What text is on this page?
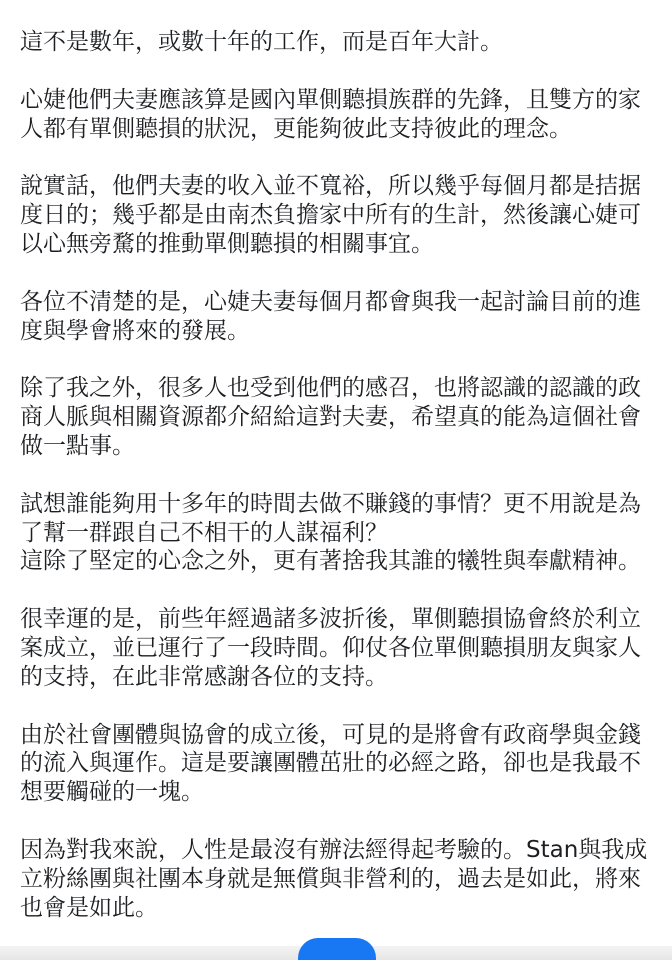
這不是數年，或數十年的工作，而是百年大計。
心婕他們夫妻應該算是國內單側聽損族群的先鋒，且雙方的家
人都有單側聽損的狀況，更能夠彼此支持彼此的理念。
說實話，他們夫妻的收入並不寬裕，所以幾乎每個月都是拮据
度日的；幾乎都是由南杰負擔家中所有的生計，然後讓心婕可
以心無旁騖的推動單側聽損的相關事宜。
各位不清楚的是，心婕夫妻每個月都會與我一起討論目前的進
度與學會將來的發展。
除了我之外，很多人也受到他們的感召，也將認識的認識的政
商人脈與相關資源都介紹給這對夫妻，希望真的能為這個社會
做一點事。
試想誰能夠用十多年的時間去做不賺錢的事情？更不用說是為
了幫一群跟自己不相干的人謀福利？
這除了堅定的心念之外，更有著捨我其誰的犧牲與奉獻精神。
很幸運的是，前些年經過諸多波折後，單側聽損協會終於利立
案成立，並已運行了一段時間。仰仗各位單側聽損朋友與家人
的支持，在此非常感謝各位的支持。
由於社會團體與協會的成立後，可見的是將會有政商學與金錢
的流入與運作。這是要讓團體茁壯的必經之路，卻也是我最不
想要觸碰的一塊。
因為對我來說，人性是最沒有辦法經得起考驗的。Stan與我成
立粉絲團與社團本身就是無償與非營利的，過去是如此，將來
也會是如此。
